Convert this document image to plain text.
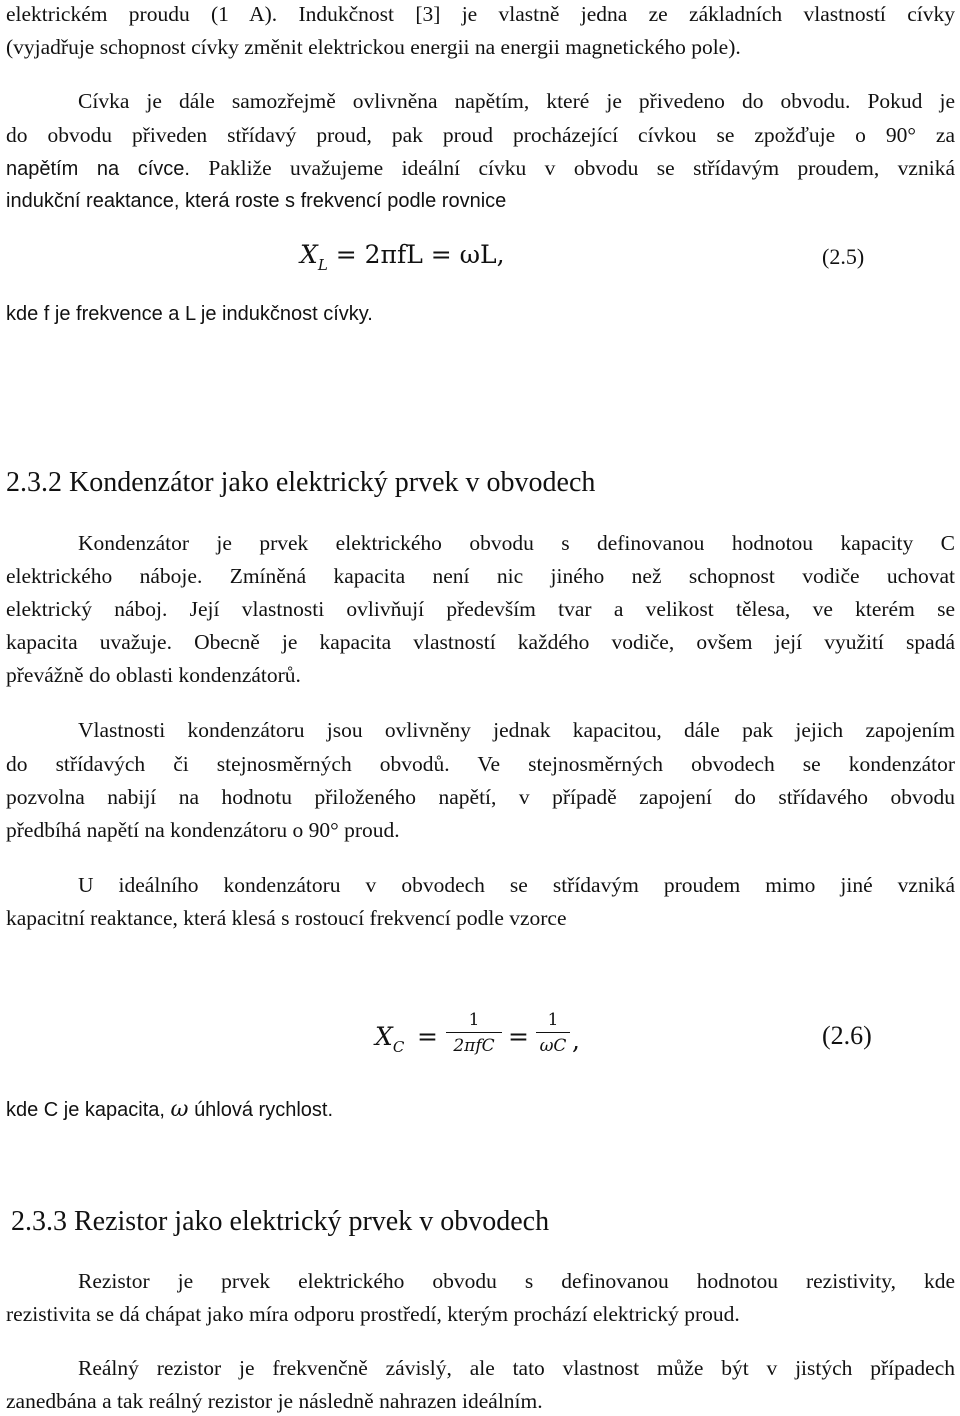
elektrickém proudu (1 A). Indukčnost [3] je vlastně jedna ze základních vlastností cívky
(vyjadřuje schopnost cívky změnit elektrickou energii na energii magnetického pole).
Cívka je dále samozřejmě ovlivněna napětím, které je přivedeno do obvodu. Pokud je
do obvodu přiveden střídavý proud, pak proud procházející cívkou se zpožďuje o 90° za
napětím na cívce. Pakliže uvažujeme ideální cívku v obvodu se střídavým proudem, vzniká
indukční reaktance, která roste s frekvencí podle rovnice
$X_L = 2\pi fL = \omega L$,	(2.5)
kde f je frekvence a L je indukčnost cívky.
2.3.2 Kondenzátor jako elektrický prvek v obvodech
Kondenzátor je prvek elektrického obvodu s definovanou hodnotou kapacity C
elektrického náboje. Zmíněná kapacita není nic jiného než schopnost vodiče uchovat
elektrický náboj. Její vlastnosti ovlivňují především tvar a velikost tělesa, ve kterém se
kapacita uvažuje. Obecně je kapacita vlastností každého vodiče, ovšem její využití spadá
převážně do oblasti kondenzátorů.
Vlastnosti kondenzátoru jsou ovlivněny jednak kapacitou, dále pak jejich zapojením
do střídavých či stejnosměrných obvodů. Ve stejnosměrných obvodech se kondenzátor
pozvolna nabijí na hodnotu přiloženého napětí, v případě zapojení do střídavého obvodu
předbíhá napětí na kondenzátoru o 90° proud.
U ideálního kondenzátoru v obvodech se střídavým proudem mimo jiné vzniká
kapacitní reaktance, která klesá s rostoucí frekvencí podle vzorce
$X_C$ =
1
2πfC =
1
ωC ,	(2.6)
kde C je kapacita, ω úhlová rychlost.
2.3.3 Rezistor jako elektrický prvek v obvodech
Rezistor je prvek elektrického obvodu s definovanou hodnotou rezistivity, kde
rezistivita se dá chápat jako míra odporu prostředí, kterým prochází elektrický proud.
Reálný rezistor je frekvenčně závislý, ale tato vlastnost může být v jistých případech
zanedbána a tak reálný rezistor je následně nahrazen ideálním.
